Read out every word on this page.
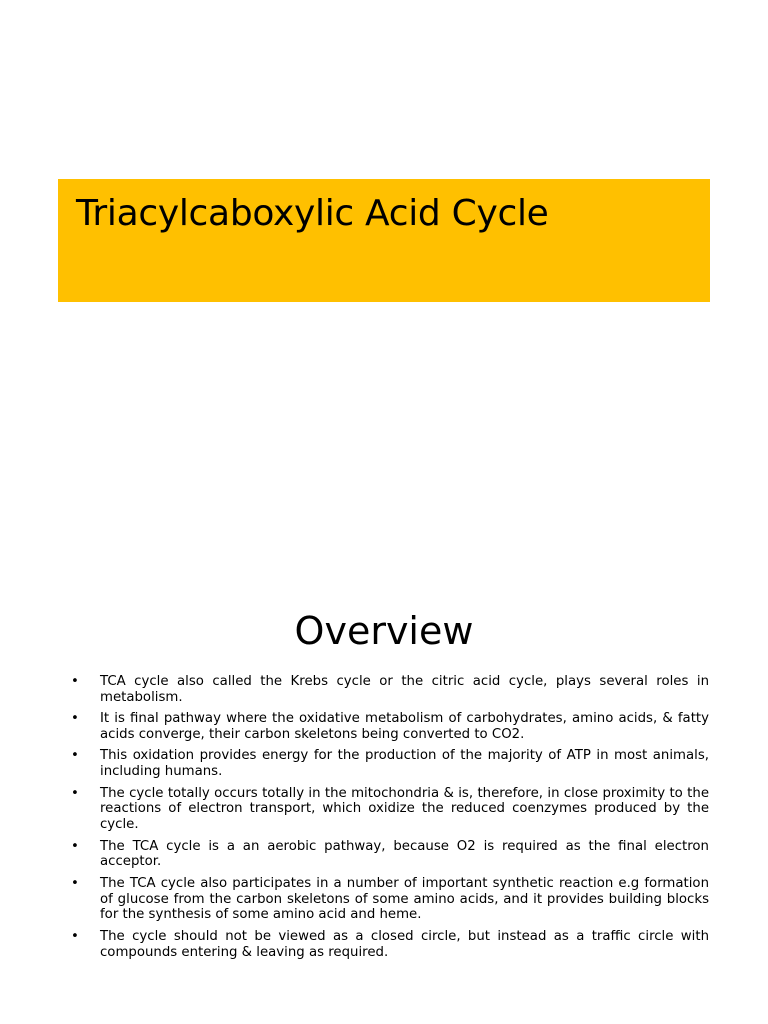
Triacylcaboxylic Acid Cycle
Overview
• TCA cycle also called the Krebs cycle or the citric acid cycle, plays several roles in metabolism.
• It is final pathway where the oxidative metabolism of carbohydrates, amino acids, & fatty acids converge, their carbon skeletons being converted to CO2.
• This oxidation provides energy for the production of the majority of ATP in most animals, including humans.
• The cycle totally occurs totally in the mitochondria & is, therefore, in close proximity to the reactions of electron transport, which oxidize the reduced coenzymes produced by the cycle.
• The TCA cycle is a an aerobic pathway, because O2 is required as the final electron acceptor.
• The TCA cycle also participates in a number of important synthetic reaction e.g formation of glucose from the carbon skeletons of some amino acids, and it provides building blocks for the synthesis of some amino acid and heme.
• The cycle should not be viewed as a closed circle, but instead as a traffic circle with compounds entering & leaving as required.
